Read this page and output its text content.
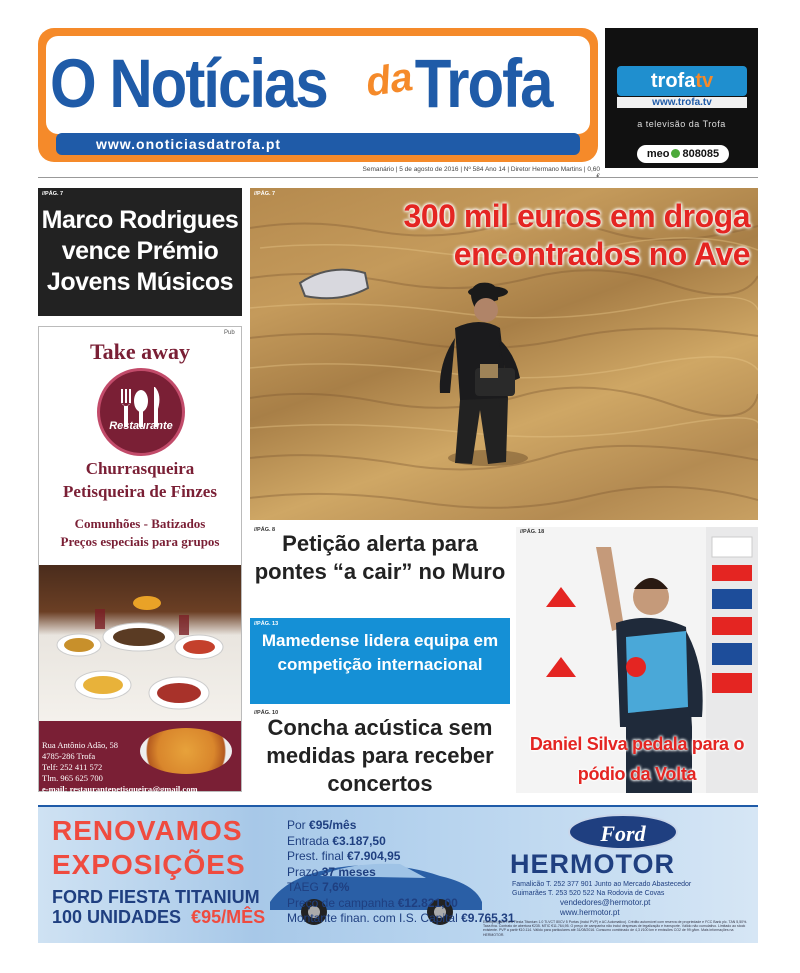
O Notícias Trofa
da
www.onoticiasdatrofa.pt
Semanário | 5 de agosto de 2016 | Nº 584 Ano 14 | Diretor Hermano Martins | 0,60
trofatv
www.trofa.tv
a televisão da Trofa
meo 808085
//PÁG. 7
Marco Rodrigues vence Prémio Jovens Músicos
//PÁG. 7
300 mil euros em droga encontrados no Ave
Pub
Take away
Restaurante
Churrasqueira
Petisqueira de Finzes
Comunhões - Batizados
Preços especiais para grupos
Rua Antônio Adão, 58
4785-286 Trofa
Telf: 252 411 572
Tlm. 965 625 700
e-mail: restaurantepetisqueira@gmail.com
//PÁG. 8
Petição alerta para pontes “a cair” no Muro
//PÁG. 13
Mamedense lidera equipa em competição internacional
//PÁG. 10
Concha acústica sem medidas para receber concertos
//PÁG. 18
Daniel Silva pedala para o pódio da Volta
RENOVAMOS
EXPOSIÇÕES
FORD FIESTA TITANIUM
100 UNIDADES €95/MÊS
Por €95/mês
Entrada €3.187,50
Prest. final €7.904,95
Prazo 37 meses
TAEG 7,6%
Preço de campanha €12.821,00
Montante finan. com I.S. Capital €9.765,31
Ford
HERMOTOR
Famalicão T. 252 377 901 Junto ao Mercado Abastecedor
Guimarães T. 253 520 522 Na Rodovia de Covas
vendedores@hermotor.pt
www.hermotor.pt
Exemplo para Ford Fiesta Titanium 1.0 Ti-VCT 80CV 5 Portas (inclui PVP) e AC Automatico). Crédito automóvel com reserva de propriedade e FCC Bank plc. TAN 5,50%. Taxa fixa. Contrato de abertura €235. MTIC €11.764,95. O preço de campanha não inclui despesas de legalização e transporte. Válido não cumulativo. Limitado ao stock existente. PVP a partir €10.114. Válido para particulares até 31/08/2016. Consumo combinado de 4,3 l/100 km e emissões CO2 de 99 g/km. Mais informações na HERMOTOR.
